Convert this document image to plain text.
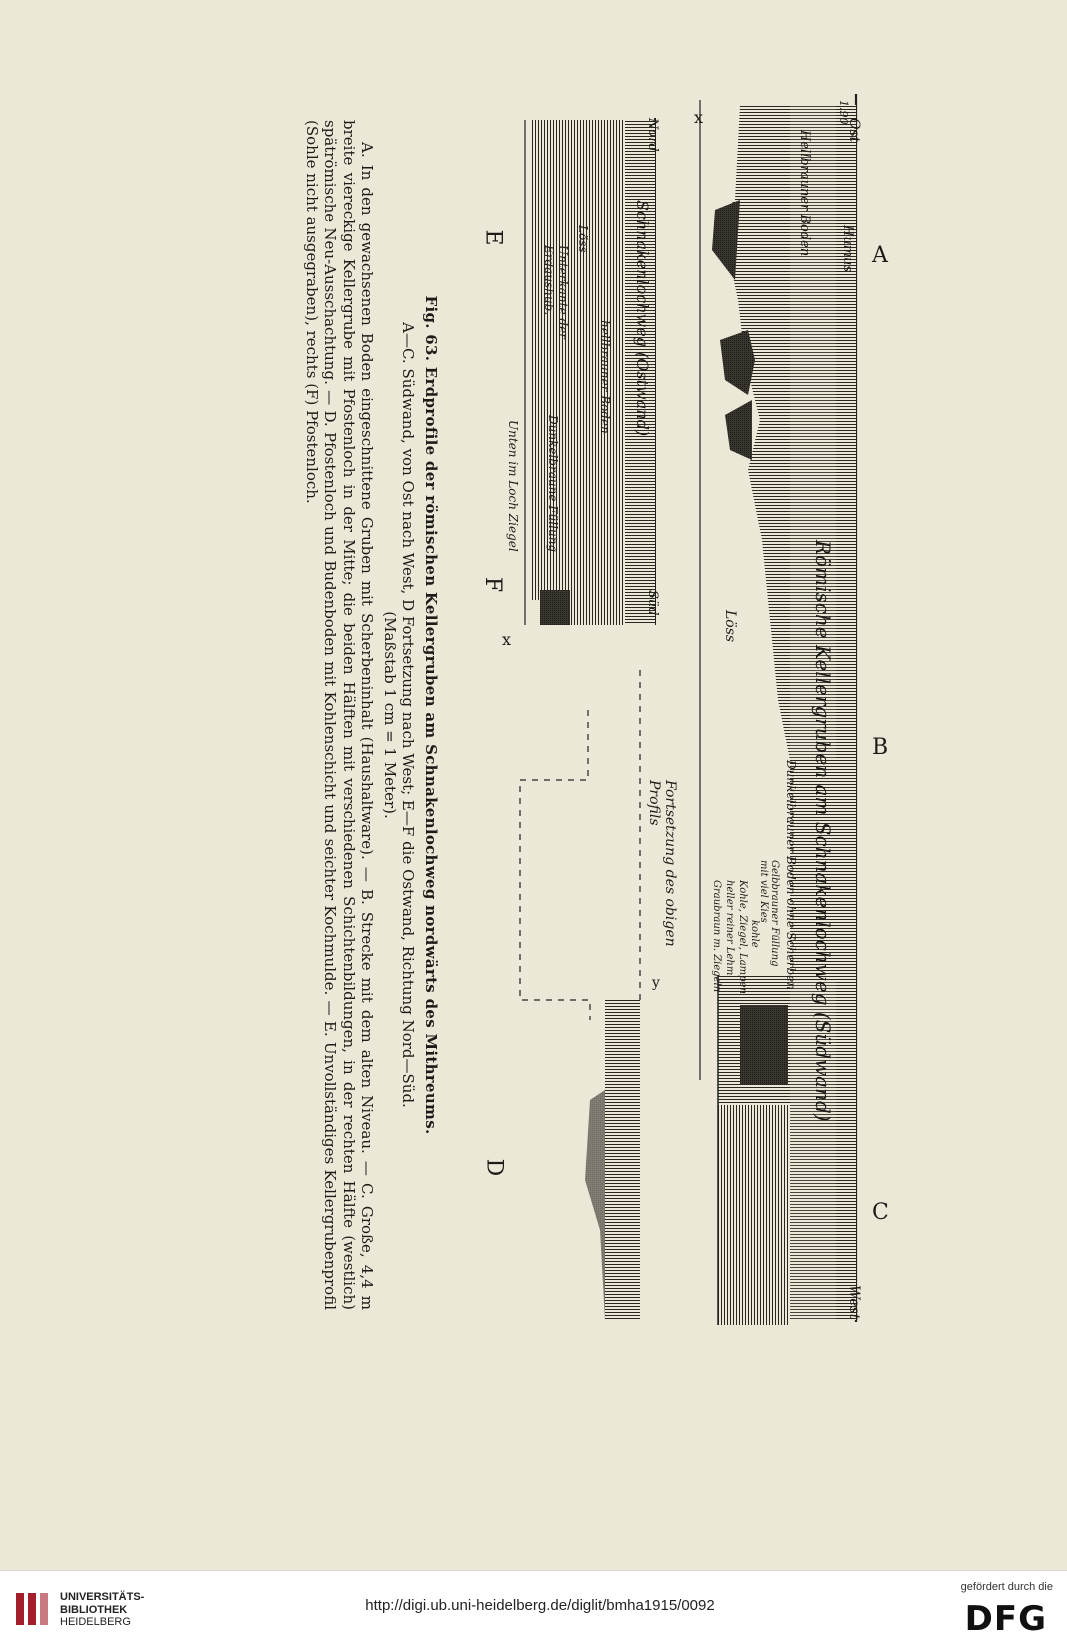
A
B
C
D
E
F	Römische Kellergruben am Schnakenlochweg (Südwand)
Ost
West
Humus
Hellbrauner Boden
Löss
Dunkelbrauner Boden ohne Scherben
Gelbbrauner Füllung mit viel Kies
kohle
Kohle, Ziegel, Lampen
heller reiner Lehm
Graubraun m. Ziegeln
Fortsetzung des obigen Profils
1.90
x
x
y
Nord
Süd
Schnakenlochweg (Ostwand)
Löss
Unterkante der Erdaushub.
hellbrauner Boden
Dunkelbraune Füllung
Unten im Loch Ziegel
Fig. 63. Erdprofile der römischen Kellergruben am Schnakenlochweg nordwärts des Mithreums.
A—C. Südwand, von Ost nach West, D Fortsetzung nach West; E—F die Ostwand, Richtung Nord—Süd.
(Maßstab 1 cm = 1 Meter).

A. In den gewachsenen Boden eingeschnittene Gruben mit Scherbeninhalt (Haushaltware). — B. Strecke mit dem alten Niveau. — C. Große, 4,4 m breite viereckige Kellergrube mit Pfostenloch in der Mitte; die beiden Hälften mit verschiedenen Schichtenbildungen, in der rechten Hälfte (westlich) spätrömische Neu-Ausschachtung. — D. Pfostenloch und Budenboden mit Kohlenschicht und seichter Kochmulde. — E. Unvollständiges Kellergrubenprofil (Sohle nicht ausgegraben), rechts (F) Pfostenloch.

UNIVERSITÄTS-
BIBLIOTHEK
HEIDELBERG
http://digi.ub.uni-heidelberg.de/diglit/bmha1915/0092
gefördert durch die
DFG
